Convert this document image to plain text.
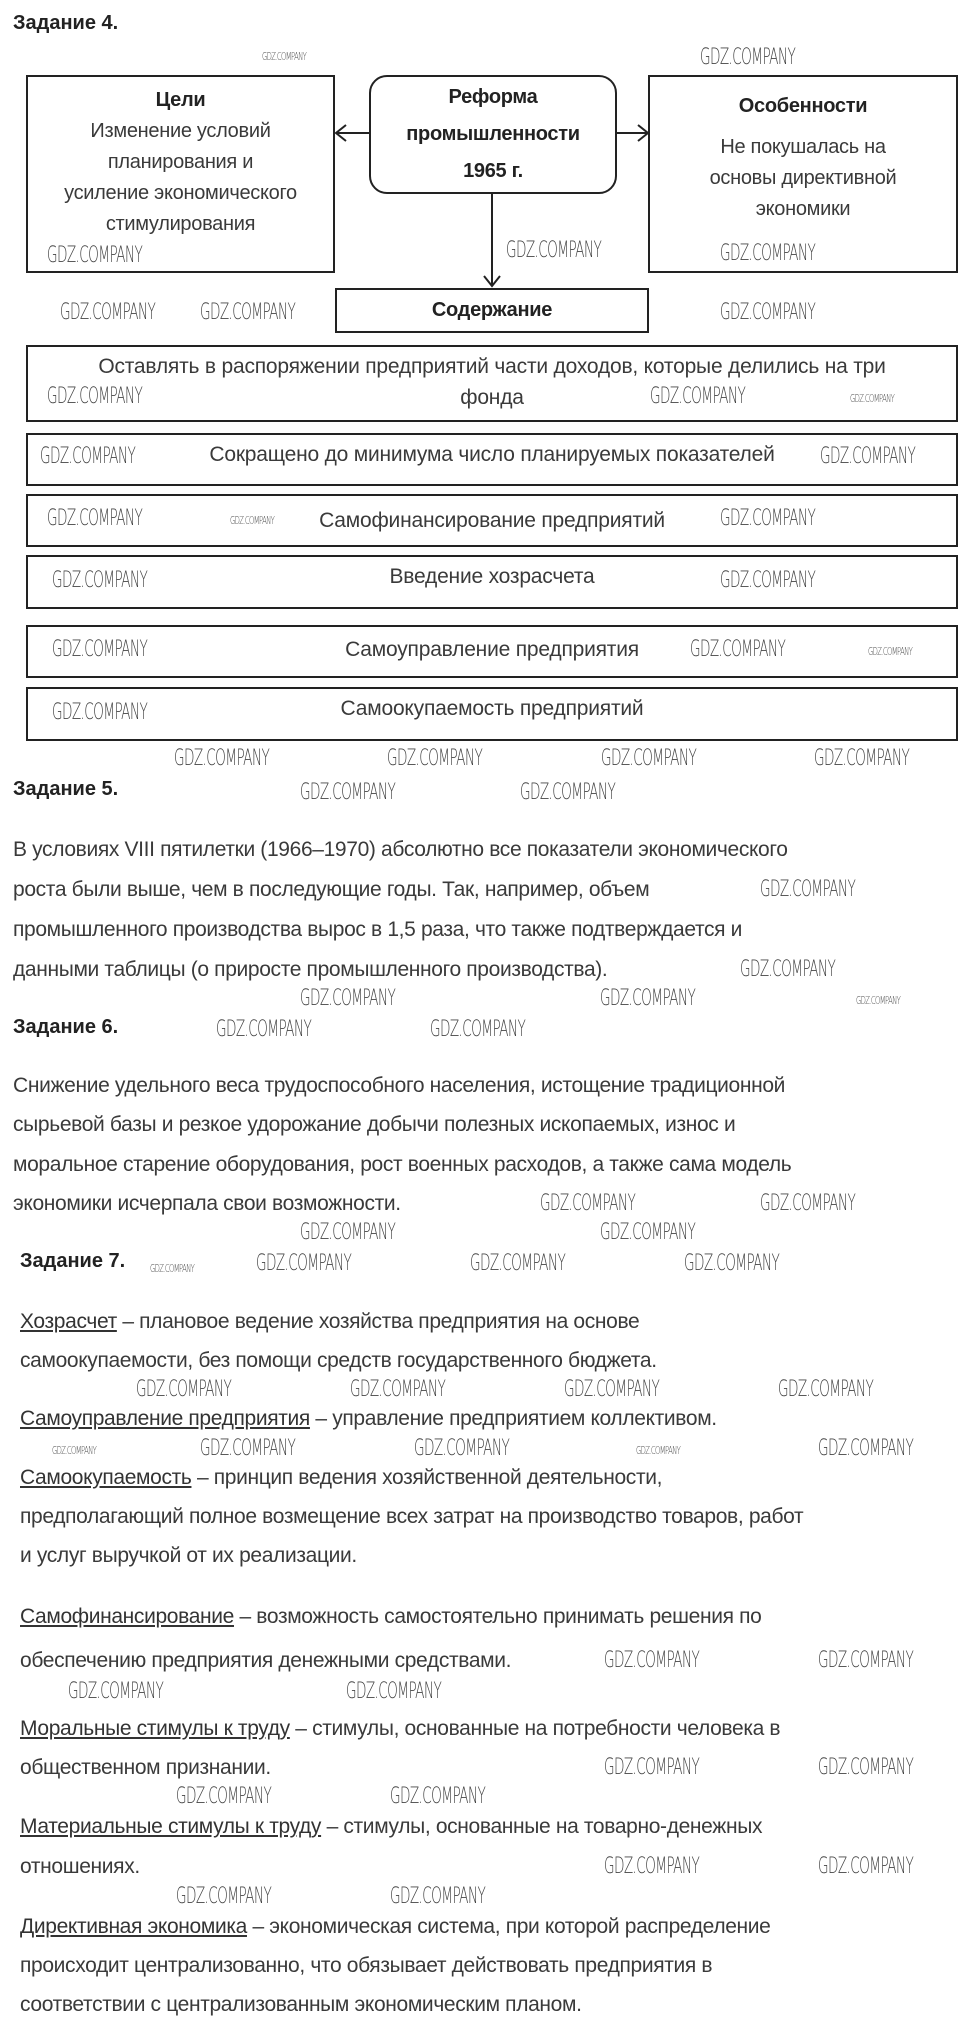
Задание 4.
Цели
Изменение условий
планирования и
усиление экономического
стимулирования
Реформа
промышленности
1965 г.
Особенности
Не покушалась на
основы директивной
экономики
Содержание
Оставлять в распоряжении предприятий части доходов, которые делились на три
фонда
Сокращено до минимума число планируемых показателей
Самофинансирование предприятий
Введение хозрасчета
Самоуправление предприятия
Самоокупаемость предприятий
Задание 5.
В условиях VIII пятилетки (1966–1970) абсолютно все показатели экономического
роста были выше, чем в последующие годы. Так, например, объем
промышленного производства вырос в 1,5 раза, что также подтверждается и
данными таблицы (о приросте промышленного производства).
Задание 6.
Снижение удельного веса трудоспособного населения, истощение традиционной
сырьевой базы и резкое удорожание добычи полезных ископаемых, износ и
моральное старение оборудования, рост военных расходов, а также сама модель
экономики исчерпала свои возможности.
Задание 7.
Хозрасчет – плановое ведение хозяйства предприятия на основе
самоокупаемости, без помощи средств государственного бюджета.
Самоуправление предприятия – управление предприятием коллективом.
Самоокупаемость – принцип ведения хозяйственной деятельности,
предполагающий полное возмещение всех затрат на производство товаров, работ
и услуг выручкой от их реализации.
Самофинансирование – возможность самостоятельно принимать решения по
обеспечению предприятия денежными средствами.
Моральные стимулы к труду – стимулы, основанные на потребности человека в
общественном признании.
Материальные стимулы к труду – стимулы, основанные на товарно-денежных
отношениях.
Директивная экономика – экономическая система, при которой распределение
происходит централизованно, что обязывает действовать предприятия в
соответствии с централизованным экономическим планом.
GDZ.COMPANY	GDZ.COMPANY
GDZ.COMPANY	GDZ.COMPANY
GDZ.COMPANY
GDZ.COMPANY GDZ.COMPANY	GDZ.COMPANY
GDZ.COMPANY	GDZ.COMPANY	GDZ.COMPANY
GDZ.COMPANY	GDZ.COMPANY
GDZ.COMPANY	GDZ.COMPANY	GDZ.COMPANY
GDZ.COMPANY	GDZ.COMPANY
GDZ.COMPANY	GDZ.COMPANY	GDZ.COMPANY
GDZ.COMPANY
GDZ.COMPANY	GDZ.COMPANY	GDZ.COMPANY	GDZ.COMPANY
GDZ.COMPANY	GDZ.COMPANY
GDZ.COMPANY
GDZ.COMPANY
GDZ.COMPANY	GDZ.COMPANY	GDZ.COMPANY
GDZ.COMPANY	GDZ.COMPANY
GDZ.COMPANY	GDZ.COMPANY
GDZ.COMPANY	GDZ.COMPANY
GDZ.COMPANY	GDZ.COMPANY	GDZ.COMPANY	GDZ.COMPANY
GDZ.COMPANY	GDZ.COMPANY	GDZ.COMPANY	GDZ.COMPANY
GDZ.COMPANY	GDZ.COMPANY	GDZ.COMPANY	GDZ.COMPANY	GDZ.COMPANY
GDZ.COMPANY	GDZ.COMPANY
GDZ.COMPANY	GDZ.COMPANY
GDZ.COMPANY	GDZ.COMPANY
GDZ.COMPANY	GDZ.COMPANY
GDZ.COMPANY	GDZ.COMPANY
GDZ.COMPANY	GDZ.COMPANY
